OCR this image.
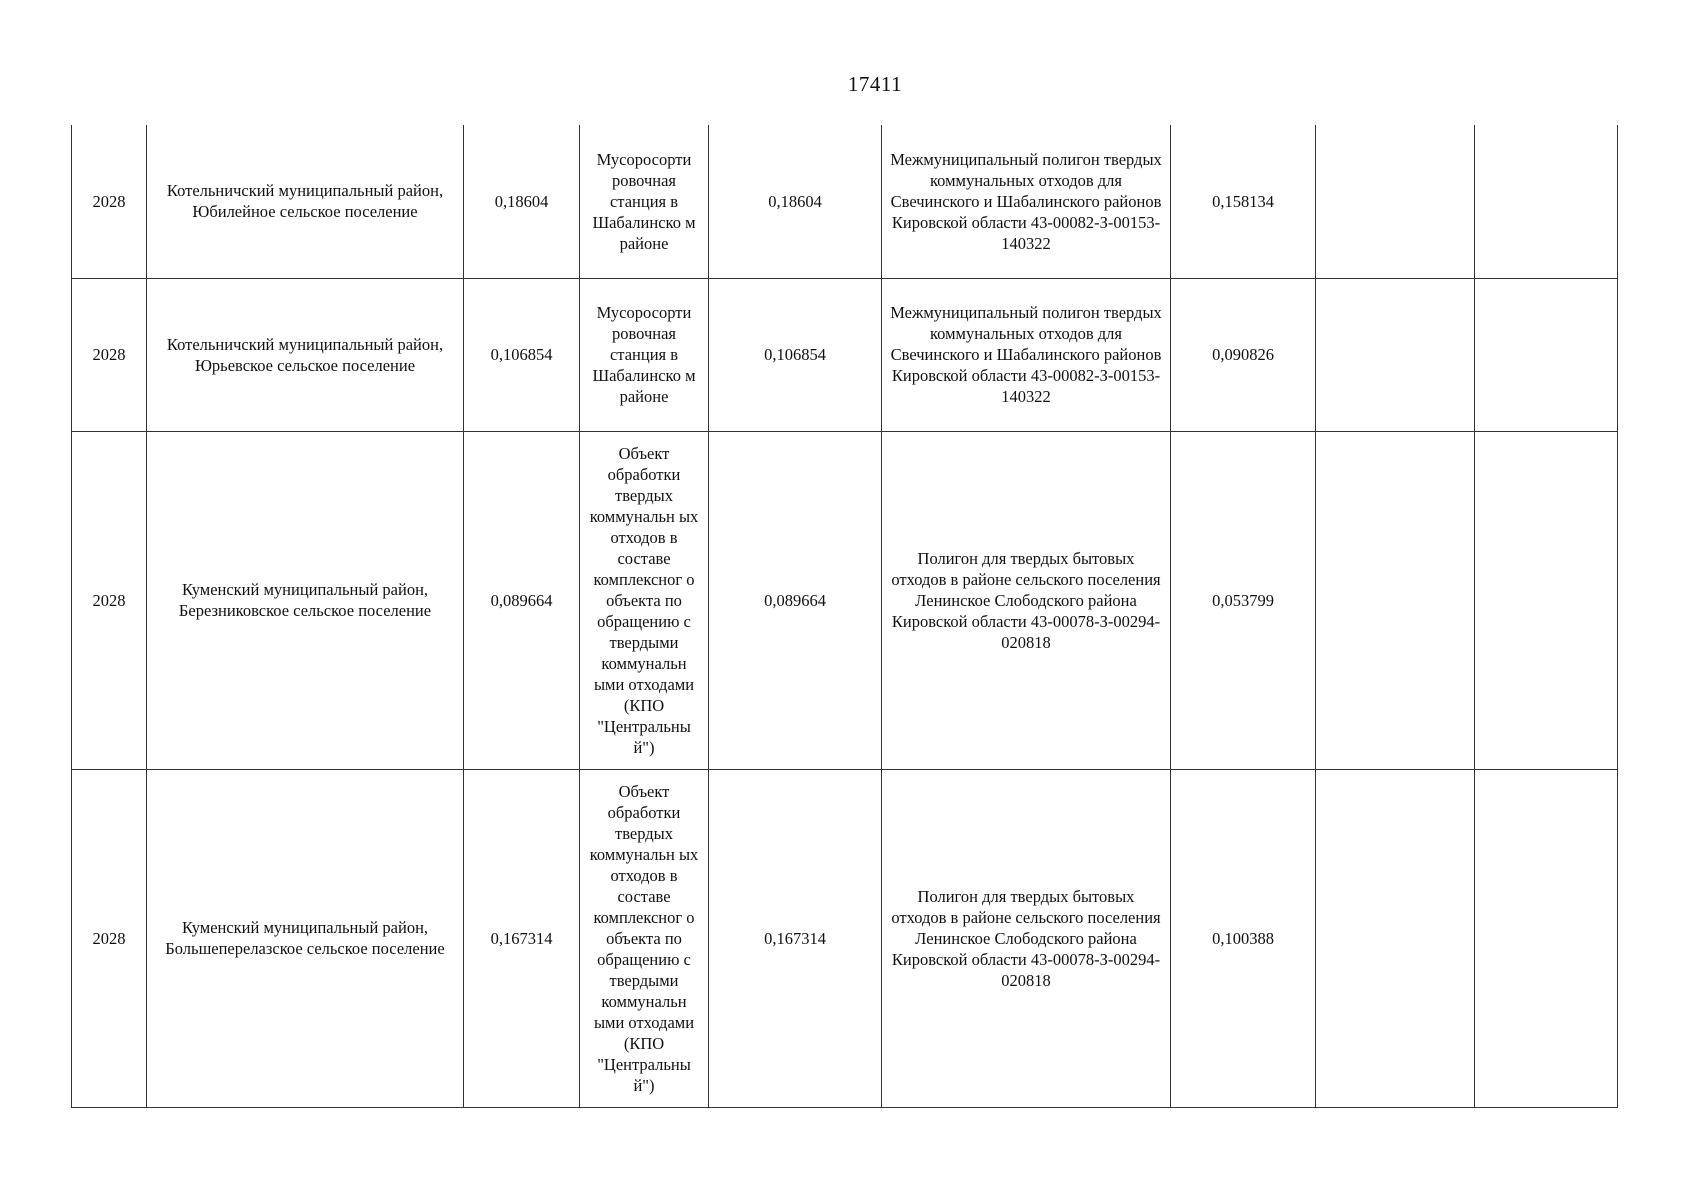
17411
2028	Котельничский муниципальный район, Юбилейное сельское поселение	0,18604	Мусоросорти ровочная станция в Шабалинско м районе	0,18604	Межмуниципальный полигон твердых коммунальных отходов для Свечинского и Шабалинского районов Кировской области 43-00082-З-00153-140322	0,158134		
2028	Котельничский муниципальный район, Юрьевское сельское поселение	0,106854	Мусоросорти ровочная станция в Шабалинско м районе	0,106854	Межмуниципальный полигон твердых коммунальных отходов для Свечинского и Шабалинского районов Кировской области 43-00082-З-00153-140322	0,090826		
2028	Куменский муниципальный район, Березниковское сельское поселение	0,089664	Объект обработки твердых коммунальн ых отходов в составе комплексног о объекта по обращению с твердыми коммунальн ыми отходами (КПО "Центральны й")	0,089664	Полигон для твердых бытовых отходов в районе сельского поселения Ленинское Слободского района Кировской области 43-00078-З-00294-020818	0,053799		
2028	Куменский муниципальный район, Большеперелазское сельское поселение	0,167314	Объект обработки твердых коммунальн ых отходов в составе комплексног о объекта по обращению с твердыми коммунальн ыми отходами (КПО "Центральны й")	0,167314	Полигон для твердых бытовых отходов в районе сельского поселения Ленинское Слободского района Кировской области 43-00078-З-00294-020818	0,100388		
